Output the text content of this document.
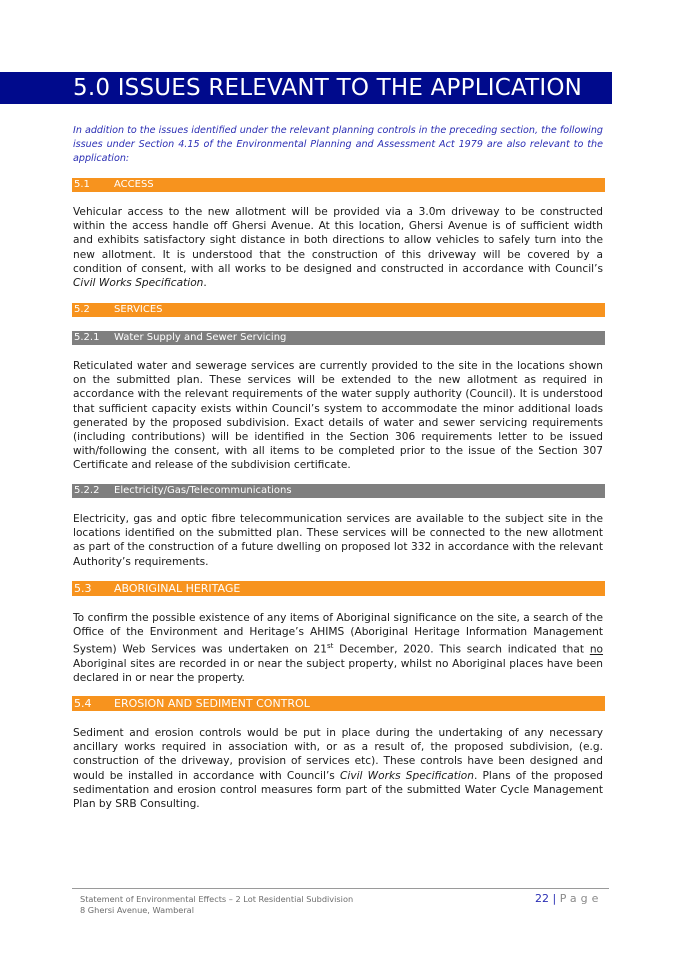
5.0 ISSUES RELEVANT TO THE APPLICATION
In addition to the issues identified under the relevant planning controls in the preceding section, the following issues under Section 4.15 of the Environmental Planning and Assessment Act 1979 are also relevant to the application:
5.1 ACCESS
Vehicular access to the new allotment will be provided via a 3.0m driveway to be constructed within the access handle off Ghersi Avenue. At this location, Ghersi Avenue is of sufficient width and exhibits satisfactory sight distance in both directions to allow vehicles to safely turn into the new allotment. It is understood that the construction of this driveway will be covered by a condition of consent, with all works to be designed and constructed in accordance with Council’s Civil Works Specification.
5.2 SERVICES
5.2.1 Water Supply and Sewer Servicing
Reticulated water and sewerage services are currently provided to the site in the locations shown on the submitted plan. These services will be extended to the new allotment as required in accordance with the relevant requirements of the water supply authority (Council). It is understood that sufficient capacity exists within Council’s system to accommodate the minor additional loads generated by the proposed subdivision. Exact details of water and sewer servicing requirements (including contributions) will be identified in the Section 306 requirements letter to be issued with/following the consent, with all items to be completed prior to the issue of the Section 307 Certificate and release of the subdivision certificate.
5.2.2 Electricity/Gas/Telecommunications
Electricity, gas and optic fibre telecommunication services are available to the subject site in the locations identified on the submitted plan. These services will be connected to the new allotment as part of the construction of a future dwelling on proposed lot 332 in accordance with the relevant Authority’s requirements.
5.3 ABORIGINAL HERITAGE
To confirm the possible existence of any items of Aboriginal significance on the site, a search of the Office of the Environment and Heritage’s AHIMS (Aboriginal Heritage Information Management System) Web Services was undertaken on 21st December, 2020. This search indicated that no Aboriginal sites are recorded in or near the subject property, whilst no Aboriginal places have been declared in or near the property.
5.4 EROSION AND SEDIMENT CONTROL
Sediment and erosion controls would be put in place during the undertaking of any necessary ancillary works required in association with, or as a result of, the proposed subdivision, (e.g. construction of the driveway, provision of services etc). These controls have been designed and would be installed in accordance with Council’s Civil Works Specification. Plans of the proposed sedimentation and erosion control measures form part of the submitted Water Cycle Management Plan by SRB Consulting.
Statement of Environmental Effects – 2 Lot Residential Subdivision
8 Ghersi Avenue, Wamberal
22 | Page
